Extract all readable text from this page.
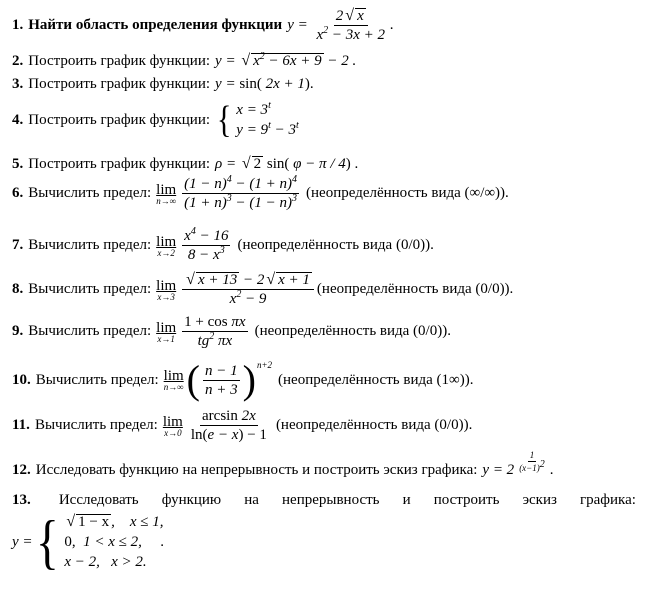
1. Найти область определения функции $y = \frac{2 √ x}{x^2 - 3x + 2}$ .
2. Построить график функции: y = √ $x^2 - 6x + 9 - 2$ .
3. Построить график функции: y = sin( 2x + 1).
4. Построить график функции: { $x = 3^t$
$y = 9^t - 3^t$
5. Построить график функции: ρ = √ 2 sin( φ − π / 4) .
6. Вычислить предел: lim
$n\to\infty \frac{(1 - n)^4 - (1 + n)^4}{(1 + n)^3 - (1 - n)^3}$ (неопределённость вида (∞/∞)).
7. Вычислить предел: lim
$x\to 2 \frac{x^4 - 16}{8 - x^3}$ (неопределённость вида (0/0)).
8. Вычислить предел: lim
$x\to 3 \frac{√ x + 13 - 2 √ x + 1}{x^2 - 9}$ (неопределённость вида (0/0)).
9. Вычислить предел: lim
$x\to 1 \frac{\text{1 + cos πx}}{tg^2 \pi x}$ (неопределённость вида (0/0)).
10. Вычислить предел: lim
n→∞ ( $\frac{n - 1}{n + 3}$ ) n+2
(неопределённость вида (1∞)).
11. Вычислить предел: lim
$x\to 0 \frac{\arcsin 2x}{\ln(e - x) - 1}$ (неопределённость вида (0/0)).
12. Исследовать функцию на непрерывность и построить эскиз графика: $y = 2 \frac{1}{(x-1)^2}$ .
13. Исследовать функцию на непрерывность и построить эскиз графика:
y = { √ 1 − x ,    x ≤ 1,
0,  1 < x ≤ 2,     .
x − 2,   x > 2.
